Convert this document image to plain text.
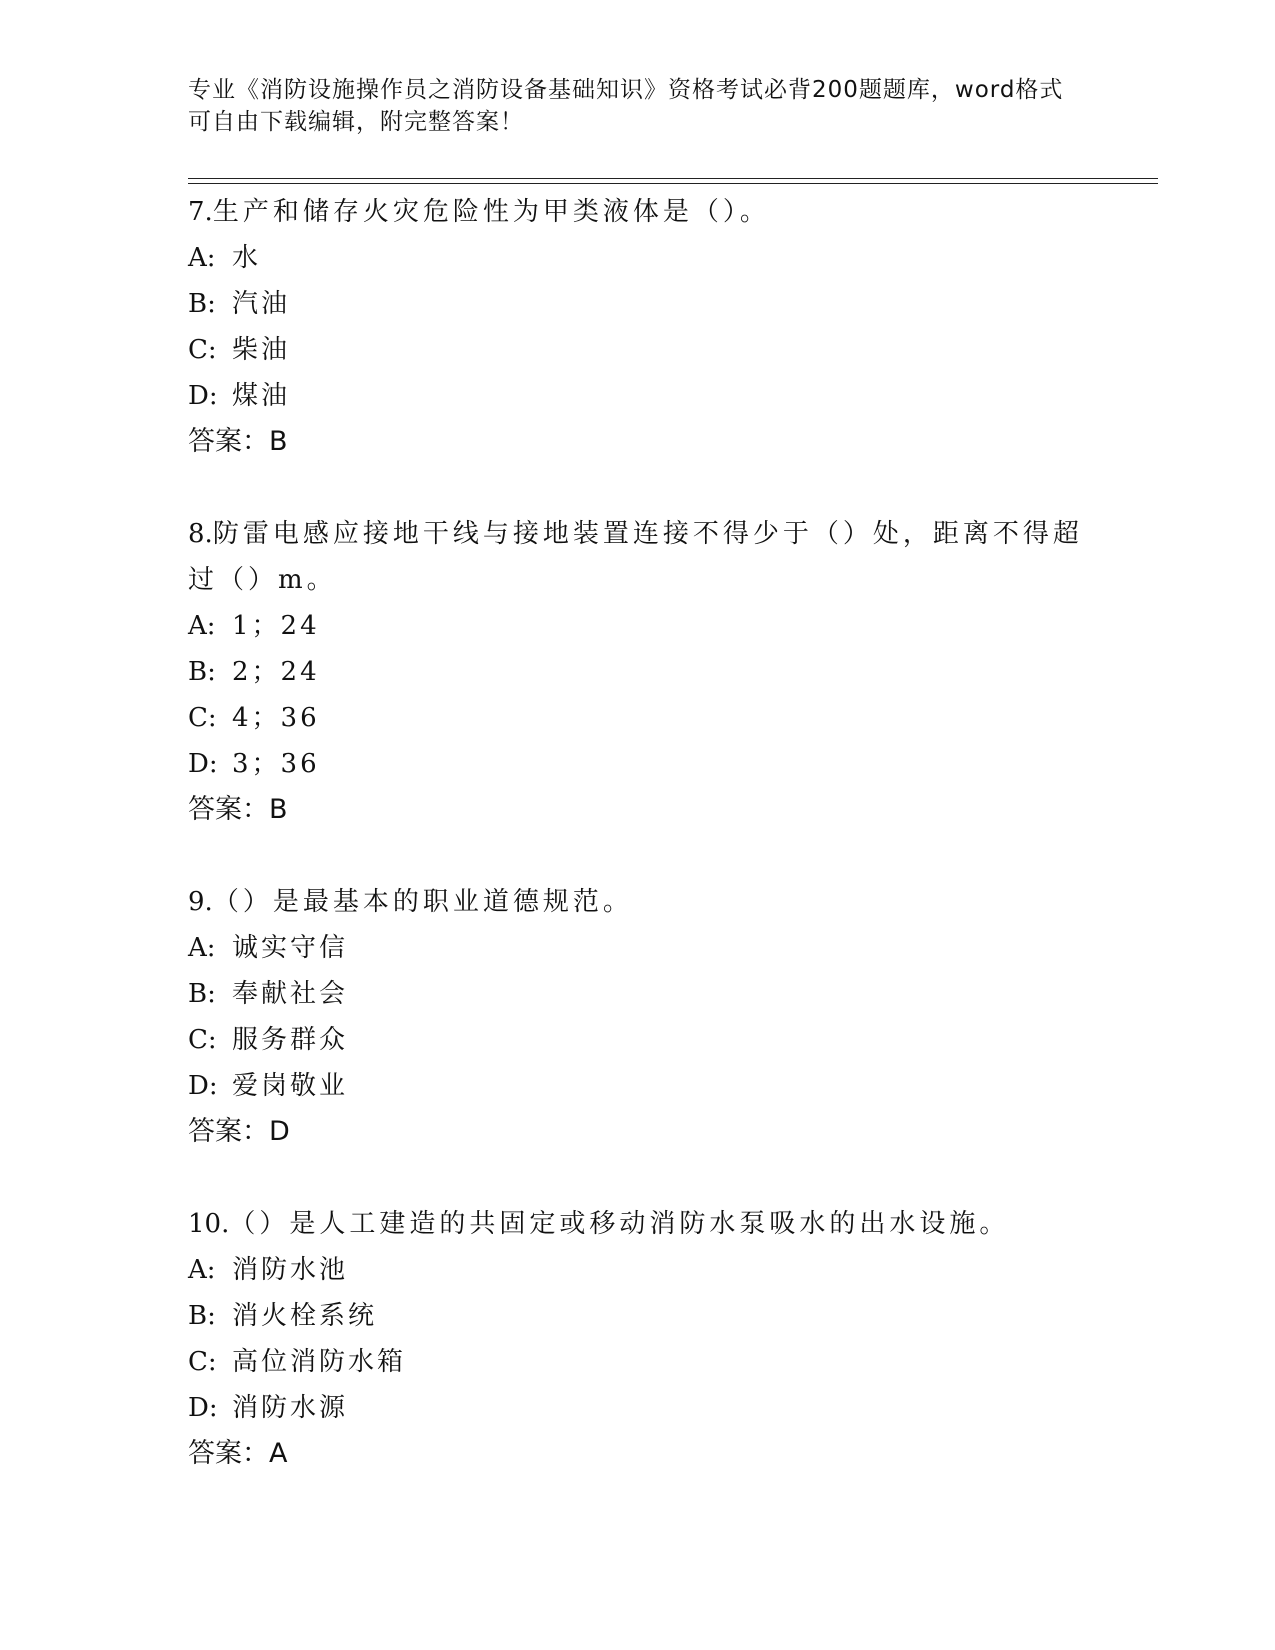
专业《消防设施操作员之消防设备基础知识》资格考试必背200题题库，word格式可自由下载编辑，附完整答案！
7.生产和储存火灾危险性为甲类液体是（）。
A: 水
B: 汽油
C: 柴油
D: 煤油
答案：B
8.防雷电感应接地干线与接地装置连接不得少于（）处，距离不得超过（）m。
A: 1；24
B: 2；24
C: 4；36
D: 3；36
答案：B
9.（）是最基本的职业道德规范。
A: 诚实守信
B: 奉献社会
C: 服务群众
D: 爱岗敬业
答案：D
10.（）是人工建造的共固定或移动消防水泵吸水的出水设施。
A: 消防水池
B: 消火栓系统
C: 高位消防水箱
D: 消防水源
答案：A
